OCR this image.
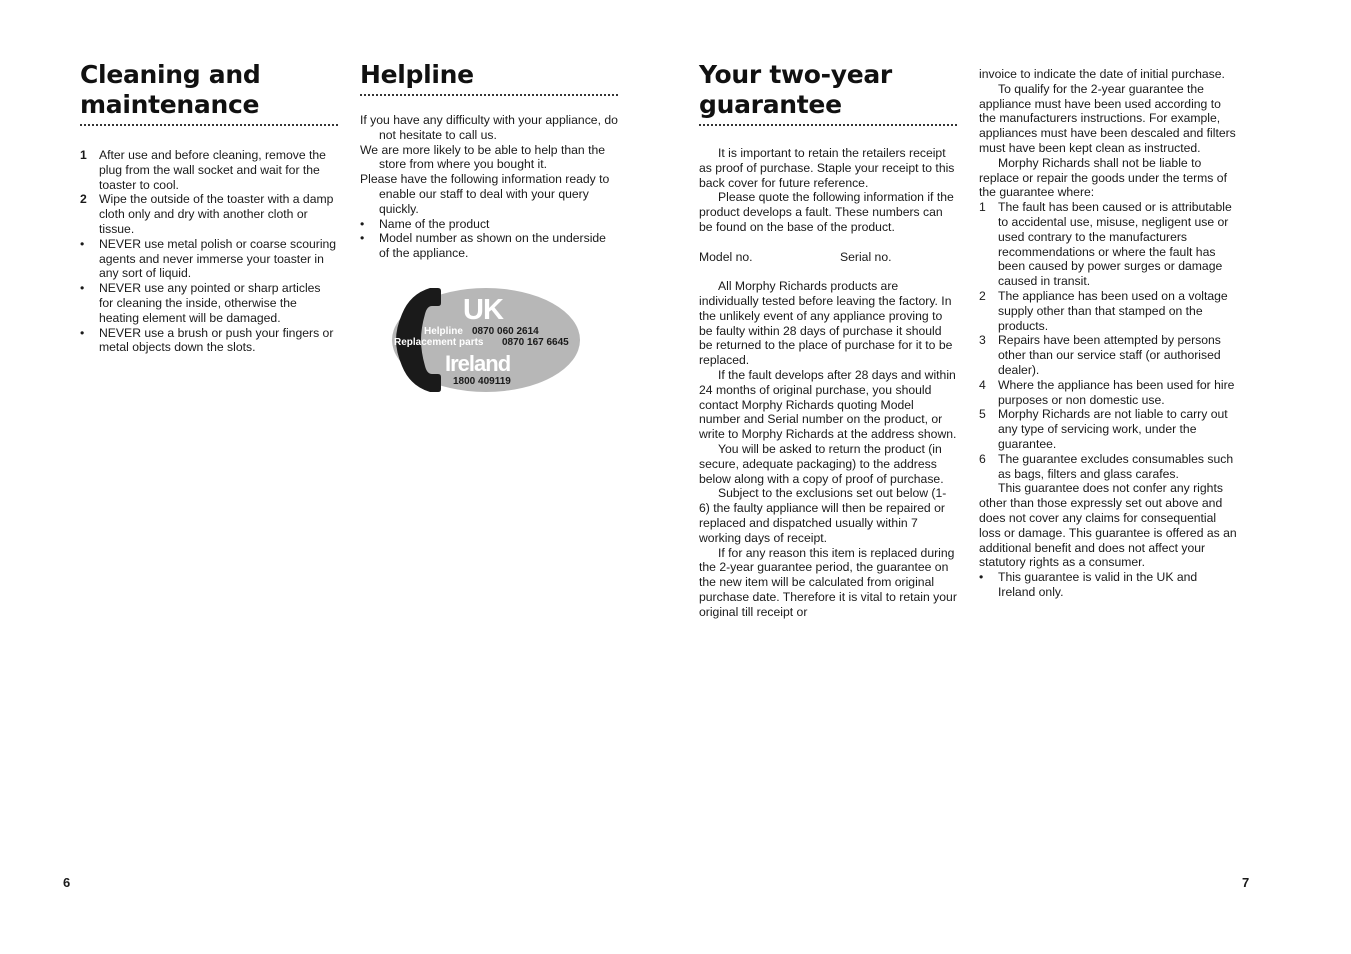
Cleaning and maintenance
1 After use and before cleaning, remove the plug from the wall socket and wait for the toaster to cool.
2 Wipe the outside of the toaster with a damp cloth only and dry with another cloth or tissue.
• NEVER use metal polish or coarse scouring agents and never immerse your toaster in any sort of liquid.
• NEVER use any pointed or sharp articles for cleaning the inside, otherwise the heating element will be damaged.
• NEVER use a brush or push your fingers or metal objects down the slots.
Helpline

If you have any difficulty with your appliance, do not hesitate to call us.

We are more likely to be able to help than the store from where you bought it.

Please have the following information ready to enable our staff to deal with your query quickly.

• Name of the product
• Model number as shown on the underside of the appliance.
UK
Helpline 0870 060 2614
Replacement parts 0870 167 6645
Ireland
1800 409119
Your two-year guarantee

It is important to retain the retailers receipt as proof of purchase. Staple your receipt to this back cover for future reference.

Please quote the following information if the product develops a fault. These numbers can be found on the base of the product.

Model no.	Serial no.

All Morphy Richards products are individually tested before leaving the factory. In the unlikely event of any appliance proving to be faulty within 28 days of purchase it should be returned to the place of purchase for it to be replaced.

If the fault develops after 28 days and within 24 months of original purchase, you should contact Morphy Richards quoting Model number and Serial number on the product, or write to Morphy Richards at the address shown.

You will be asked to return the product (in secure, adequate packaging) to the address below along with a copy of proof of purchase.

Subject to the exclusions set out below (1-6) the faulty appliance will then be repaired or replaced and dispatched usually within 7 working days of receipt.

If for any reason this item is replaced during the 2-year guarantee period, the guarantee on the new item will be calculated from original purchase date. Therefore it is vital to retain your original till receipt or

invoice to indicate the date of initial purchase.

To qualify for the 2-year guarantee the appliance must have been used according to the manufacturers instructions. For example, appliances must have been descaled and filters must have been kept clean as instructed.

Morphy Richards shall not be liable to replace or repair the goods under the terms of the guarantee where:

1 The fault has been caused or is attributable to accidental use, misuse, negligent use or used contrary to the manufacturers recommendations or where the fault has been caused by power surges or damage caused in transit.
2 The appliance has been used on a voltage supply other than that stamped on the products.
3 Repairs have been attempted by persons other than our service staff (or authorised dealer).
4 Where the appliance has been used for hire purposes or non domestic use.
5 Morphy Richards are not liable to carry out any type of servicing work, under the guarantee.
6 The guarantee excludes consumables such as bags, filters and glass carafes.

This guarantee does not confer any rights other than those expressly set out above and does not cover any claims for consequential loss or damage. This guarantee is offered as an additional benefit and does not affect your statutory rights as a consumer.

• This guarantee is valid in the UK and Ireland only.
6	7
